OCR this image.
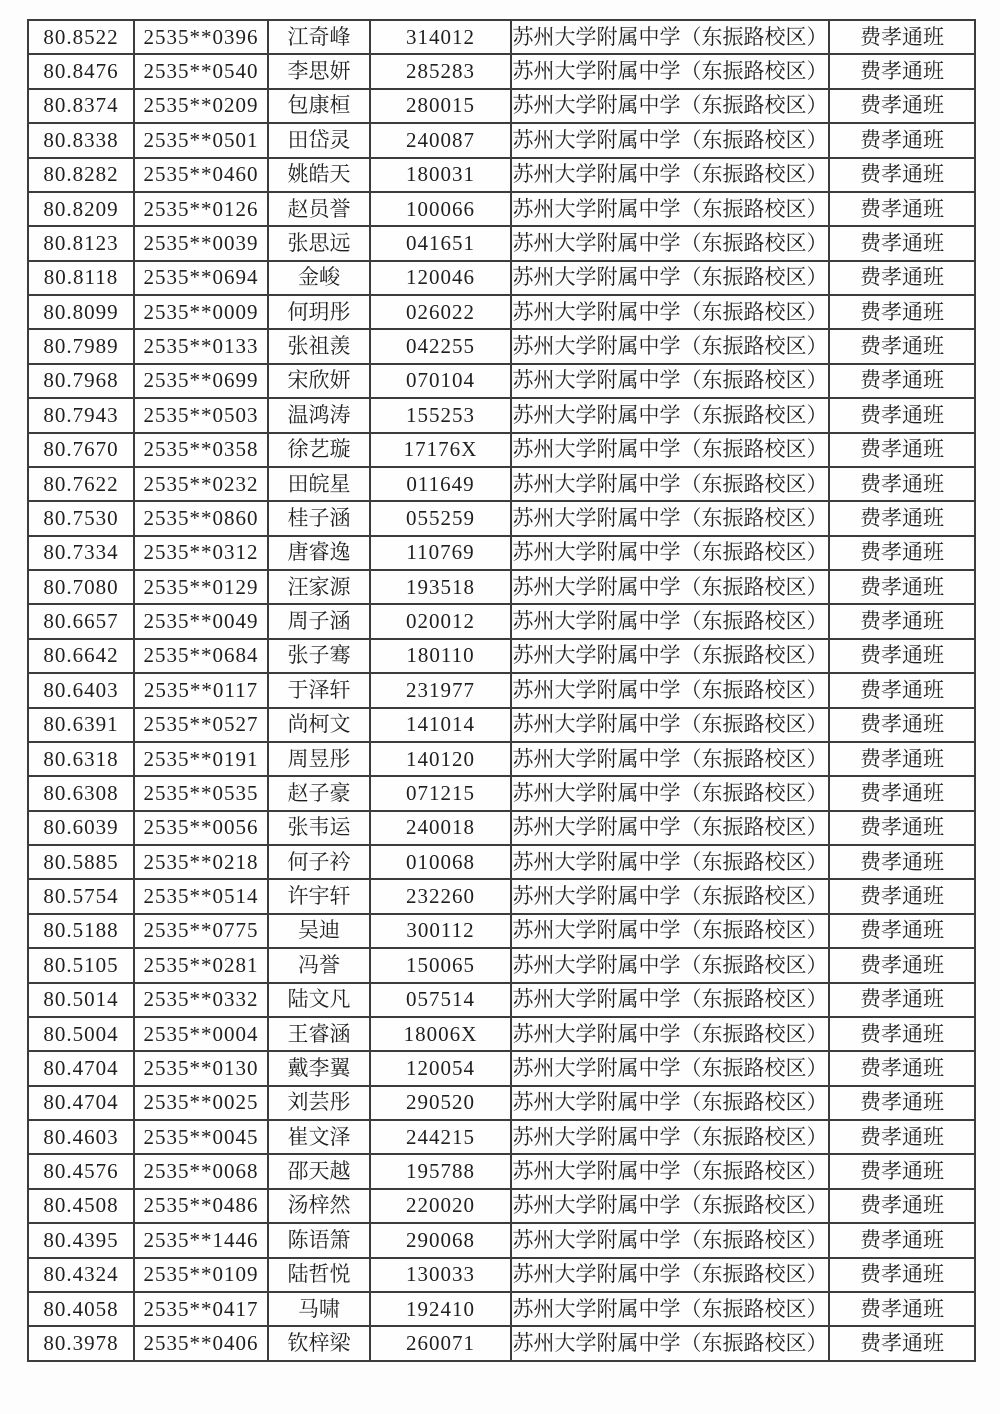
80.8522	2535**0396	江奇峰	314012	苏州大学附属中学（东振路校区）	费孝通班
80.8476	2535**0540	李思妍	285283	苏州大学附属中学（东振路校区）	费孝通班
80.8374	2535**0209	包康桓	280015	苏州大学附属中学（东振路校区）	费孝通班
80.8338	2535**0501	田岱灵	240087	苏州大学附属中学（东振路校区）	费孝通班
80.8282	2535**0460	姚皓天	180031	苏州大学附属中学（东振路校区）	费孝通班
80.8209	2535**0126	赵员誉	100066	苏州大学附属中学（东振路校区）	费孝通班
80.8123	2535**0039	张思远	041651	苏州大学附属中学（东振路校区）	费孝通班
80.8118	2535**0694	金峻	120046	苏州大学附属中学（东振路校区）	费孝通班
80.8099	2535**0009	何玥彤	026022	苏州大学附属中学（东振路校区）	费孝通班
80.7989	2535**0133	张祖羡	042255	苏州大学附属中学（东振路校区）	费孝通班
80.7968	2535**0699	宋欣妍	070104	苏州大学附属中学（东振路校区）	费孝通班
80.7943	2535**0503	温鸿涛	155253	苏州大学附属中学（东振路校区）	费孝通班
80.7670	2535**0358	徐艺璇	17176X	苏州大学附属中学（东振路校区）	费孝通班
80.7622	2535**0232	田皖星	011649	苏州大学附属中学（东振路校区）	费孝通班
80.7530	2535**0860	桂子涵	055259	苏州大学附属中学（东振路校区）	费孝通班
80.7334	2535**0312	唐睿逸	110769	苏州大学附属中学（东振路校区）	费孝通班
80.7080	2535**0129	汪家源	193518	苏州大学附属中学（东振路校区）	费孝通班
80.6657	2535**0049	周子涵	020012	苏州大学附属中学（东振路校区）	费孝通班
80.6642	2535**0684	张子骞	180110	苏州大学附属中学（东振路校区）	费孝通班
80.6403	2535**0117	于泽轩	231977	苏州大学附属中学（东振路校区）	费孝通班
80.6391	2535**0527	尚柯文	141014	苏州大学附属中学（东振路校区）	费孝通班
80.6318	2535**0191	周昱彤	140120	苏州大学附属中学（东振路校区）	费孝通班
80.6308	2535**0535	赵子豪	071215	苏州大学附属中学（东振路校区）	费孝通班
80.6039	2535**0056	张韦运	240018	苏州大学附属中学（东振路校区）	费孝通班
80.5885	2535**0218	何子衿	010068	苏州大学附属中学（东振路校区）	费孝通班
80.5754	2535**0514	许宇轩	232260	苏州大学附属中学（东振路校区）	费孝通班
80.5188	2535**0775	吴迪	300112	苏州大学附属中学（东振路校区）	费孝通班
80.5105	2535**0281	冯誉	150065	苏州大学附属中学（东振路校区）	费孝通班
80.5014	2535**0332	陆文凡	057514	苏州大学附属中学（东振路校区）	费孝通班
80.5004	2535**0004	王睿涵	18006X	苏州大学附属中学（东振路校区）	费孝通班
80.4704	2535**0130	戴李翼	120054	苏州大学附属中学（东振路校区）	费孝通班
80.4704	2535**0025	刘芸彤	290520	苏州大学附属中学（东振路校区）	费孝通班
80.4603	2535**0045	崔文泽	244215	苏州大学附属中学（东振路校区）	费孝通班
80.4576	2535**0068	邵天越	195788	苏州大学附属中学（东振路校区）	费孝通班
80.4508	2535**0486	汤梓然	220020	苏州大学附属中学（东振路校区）	费孝通班
80.4395	2535**1446	陈语箫	290068	苏州大学附属中学（东振路校区）	费孝通班
80.4324	2535**0109	陆哲悦	130033	苏州大学附属中学（东振路校区）	费孝通班
80.4058	2535**0417	马啸	192410	苏州大学附属中学（东振路校区）	费孝通班
80.3978	2535**0406	钦梓梁	260071	苏州大学附属中学（东振路校区）	费孝通班
